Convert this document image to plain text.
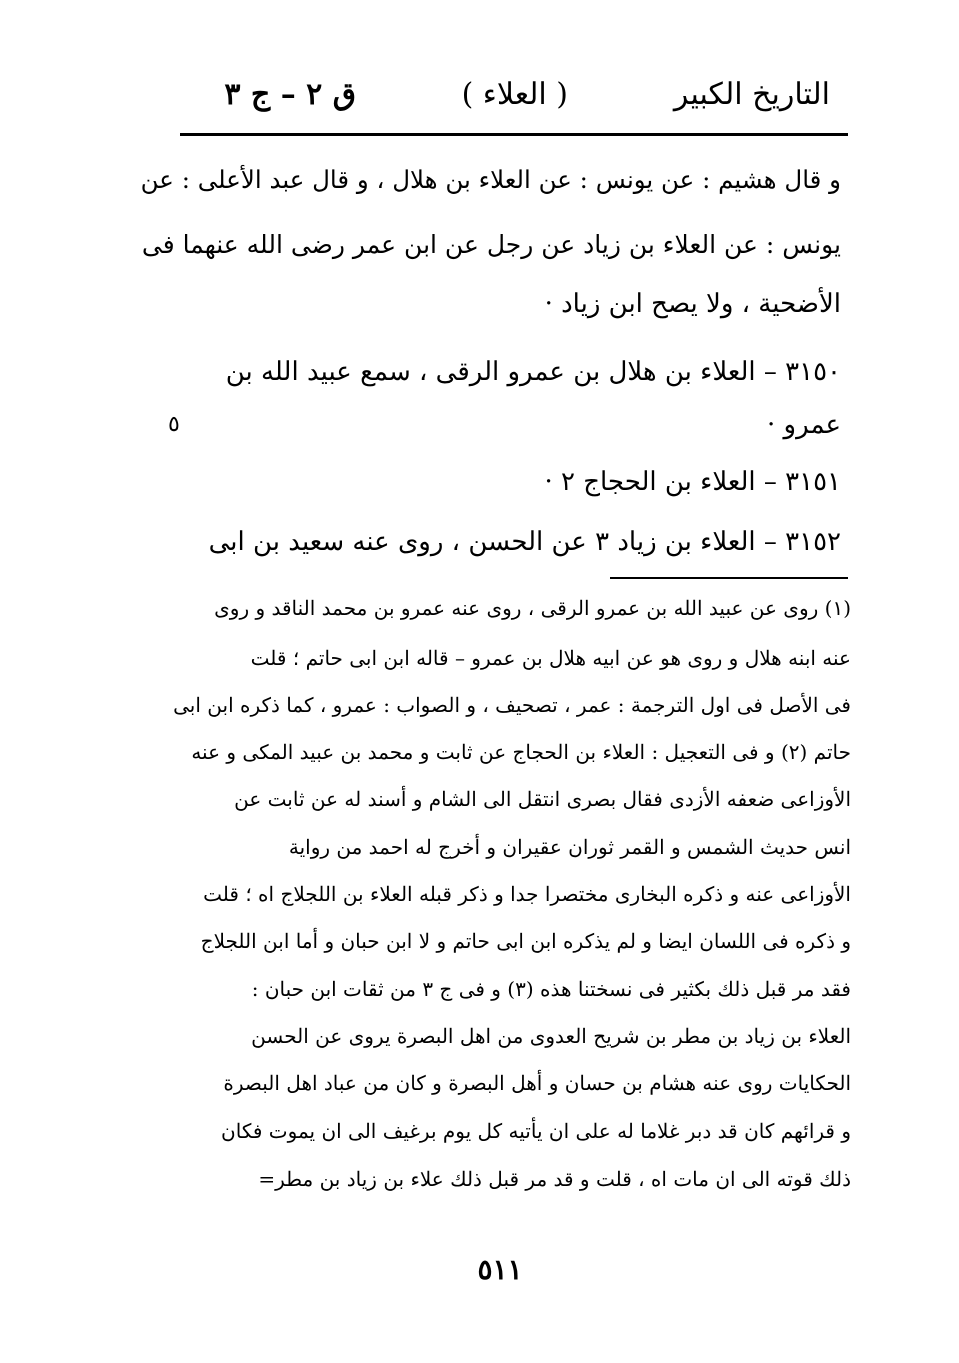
التاريخ الكبير
( العلاء )
ق ٢ – ج ٣
و قال هشيم : عن يونس : عن العلاء بن هلال ، و قال عبد الأعلى : عن
يونس : عن العلاء بن زياد عن رجل عن ابن عمر رضى الله عنهما فى
الأضحية ، ولا يصح ابن زياد ·
٣١٥٠ – العلاء بن هلال بن عمرو الرقى ، سمع عبيد الله بن
عمرو ·
٣١٥١ – العلاء بن الحجاج ٢ ·
٣١٥٢ – العلاء بن زياد ٣ عن الحسن ، روى عنه سعيد بن ابى
٥
(١) روى عن عبيد الله بن عمرو الرقى ، روى عنه عمرو بن محمد الناقد و روى
عنه ابنه هلال و روى هو عن ابيه هلال بن عمرو – قاله ابن ابى حاتم ؛ قلت
فى الأصل فى اول الترجمة : عمر ، تصحيف ، و الصواب : عمرو ، كما ذكره ابن ابى
حاتم (٢) و فى التعجيل : العلاء بن الحجاج عن ثابت و محمد بن عبيد المكى و عنه
الأوزاعى ضعفه الأزدى فقال بصرى انتقل الى الشام و أسند له عن ثابت عن
انس حديث الشمس و القمر ثوران عقيران و أخرج له احمد من رواية
الأوزاعى عنه و ذكره البخارى مختصرا جدا و ذكر قبله العلاء بن اللجلاج اه ؛ قلت
و ذكره فى اللسان ايضا و لم يذكره ابن ابى حاتم و لا ابن حبان و أما ابن اللجلاج
فقد مر قبل ذلك بكثير فى نسختنا هذه (٣) و فى ج ٣ من ثقات ابن حبان :
العلاء بن زياد بن مطر بن شريح العدوى من اهل البصرة يروى عن الحسن
الحكايات روى عنه هشام بن حسان و أهل البصرة و كان من عباد اهل البصرة
و قرائهم كان قد دبر غلاما له على ان يأتيه كل يوم برغيف الى ان يموت فكان
ذلك قوته الى ان مات اه ، قلت و قد مر قبل ذلك علاء بن زياد بن مطر=
٥١١
